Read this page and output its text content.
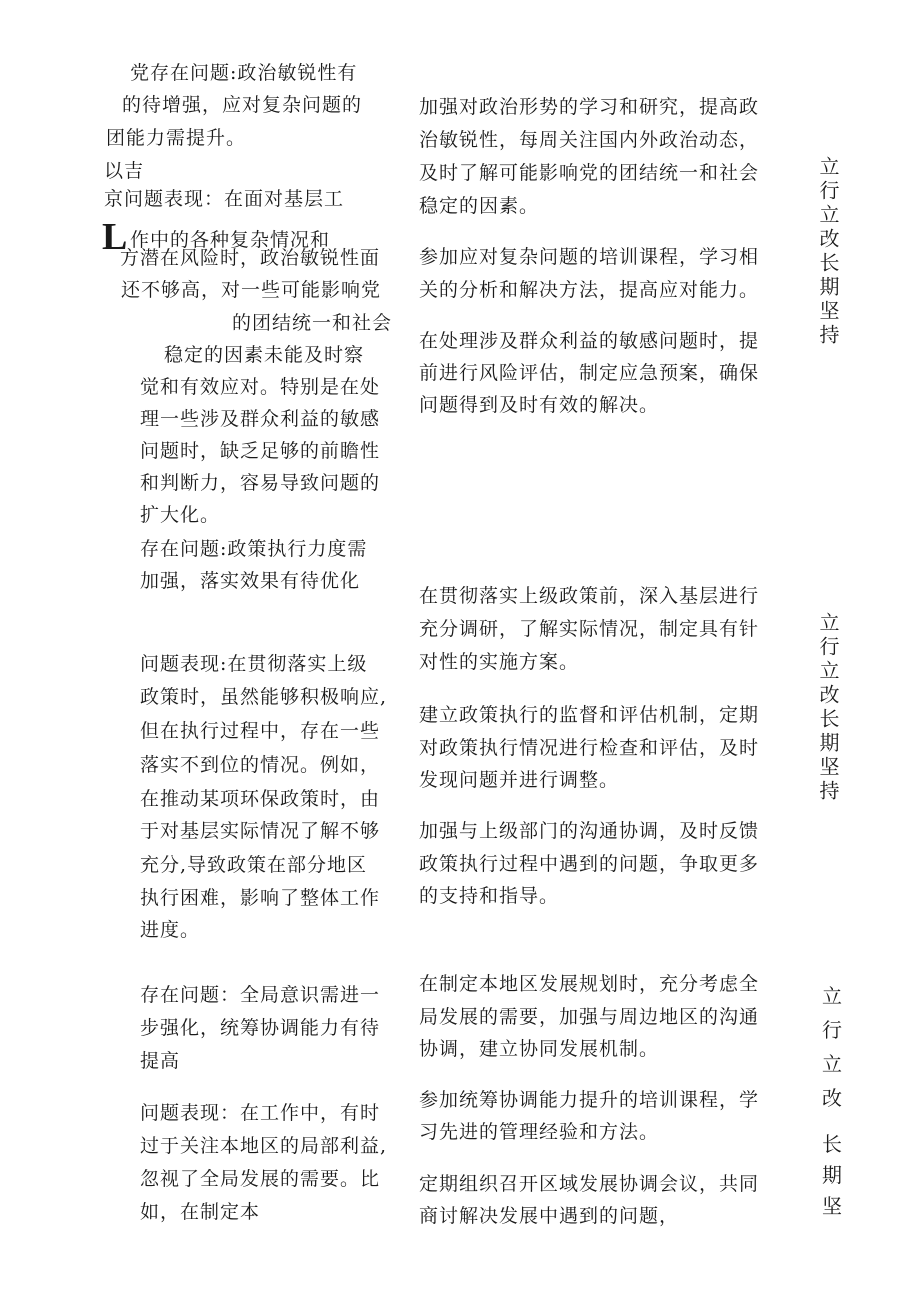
党存在问题:政治敏锐性有
的待增强，应对复杂问题的
团能力需提升。
以吉
京问题表现：在面对基层工
作中的各种复杂情况和
方潜在风险时，政治敏锐性面
还不够高，对一些可能影响党
的团结统一和社会
稳定的因素未能及时察
觉和有效应对。特别是在处
理一些涉及群众利益的敏感
问题时，缺乏足够的前瞻性
和判断力，容易导致问题的
扩大化。
L
存在问题:政策执行力度需
加强，落实效果有待优化
问题表现:在贯彻落实上级
政策时，虽然能够积极响应,
但在执行过程中，存在一些
落实不到位的情况。例如，
在推动某项环保政策时，由
于对基层实际情况了解不够
充分,导致政策在部分地区
执行困难，影响了整体工作
进度。
存在问题：全局意识需进一
步强化，统筹协调能力有待
提高
问题表现：在工作中，有时
过于关注本地区的局部利益,
忽视了全局发展的需要。比
如，在制定本
加强对政治形势的学习和研究，提高政
治敏锐性，每周关注国内外政治动态，
及时了解可能影响党的团结统一和社会
稳定的因素。
参加应对复杂问题的培训课程，学习相
关的分析和解决方法，提高应对能力。
在处理涉及群众利益的敏感问题时，提
前进行风险评估，制定应急预案，确保
问题得到及时有效的解决。
在贯彻落实上级政策前，深入基层进行
充分调研，了解实际情况，制定具有针
对性的实施方案。
建立政策执行的监督和评估机制，定期
对政策执行情况进行检查和评估，及时
发现问题并进行调整。
加强与上级部门的沟通协调，及时反馈
政策执行过程中遇到的问题，争取更多
的支持和指导。
在制定本地区发展规划时，充分考虑全
局发展的需要，加强与周边地区的沟通
协调，建立协同发展机制。
参加统筹协调能力提升的培训课程，学
习先进的管理经验和方法。
定期组织召开区域发展协调会议，共同
商讨解决发展中遇到的问题，
立行立改长期坚持
立行立改长期坚持
立
行
立
改
长
期
坚
